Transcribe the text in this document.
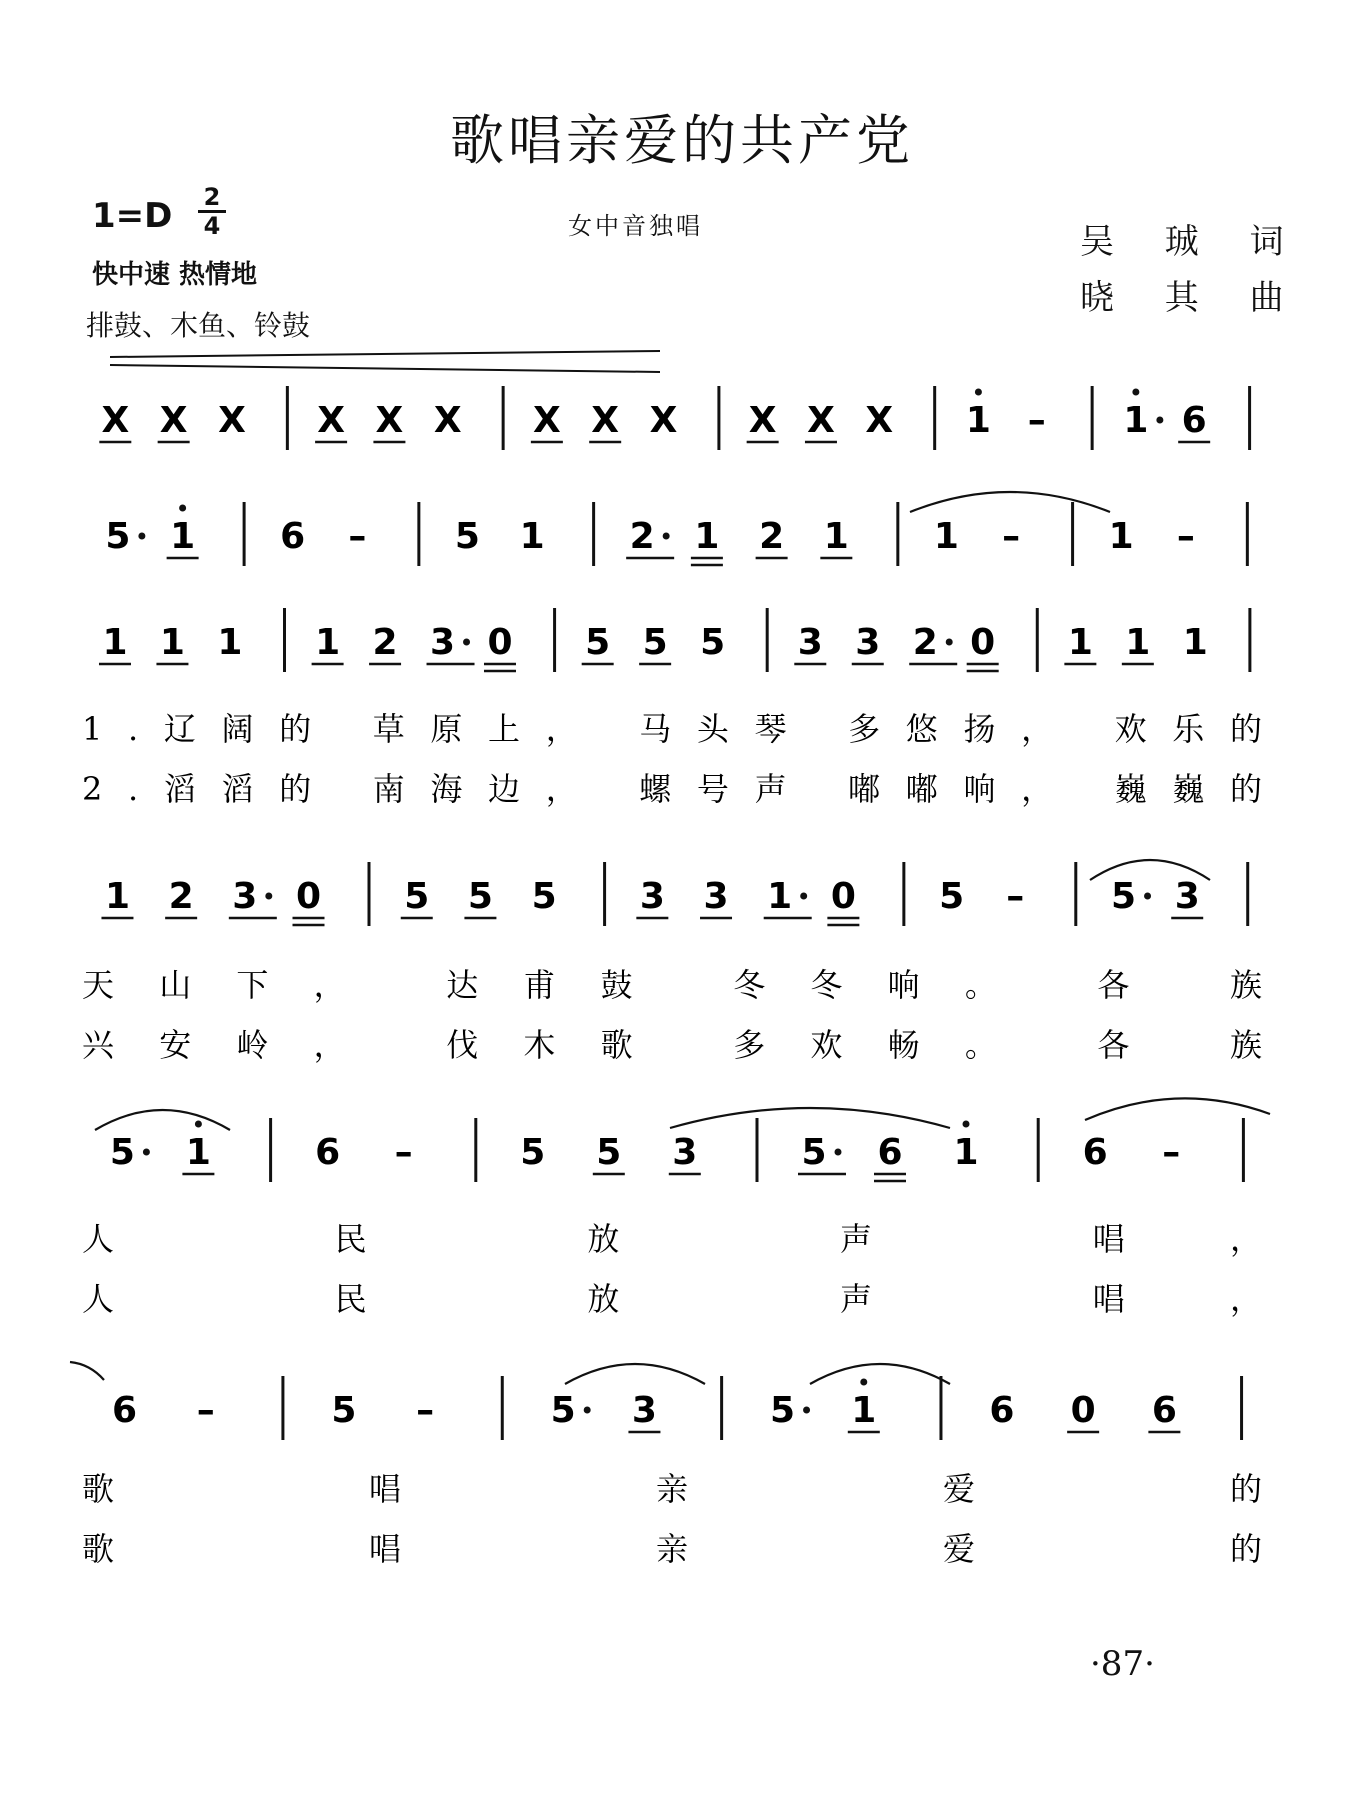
歌唱亲爱的共产党
1=D 2
4
快中速 热情地
排鼓、木鱼、铃鼓
女中音独唱	吴 珹 词
晓 其 曲
·87·
X X X X X X X X X X X X 1 – 1 6
5 1 6 – 5 1 2 1 2 1 1 – 1 –
1 1 1 1 2 3 0 5 5 5 3 3 2 0 1 1 1
1.辽阔的 草原上， 马头琴 多悠扬， 欢乐的
2.滔滔的 南海边， 螺号声 嘟嘟响， 巍巍的
1 2 3 0 5 5 5 3 3 1 0 5 – 5 3
天山下， 达甫鼓 冬冬响。 各 族
兴安岭， 伐木歌 多欢畅。 各 族
5 1	6 –	5 5 3	5 6 1	6 –
人 民 放 声 唱，
人 民 放 声 唱，
6 –	5 –	5 3	5 1	6 0 6
歌 唱 亲 爱 的
歌 唱 亲 爱 的
